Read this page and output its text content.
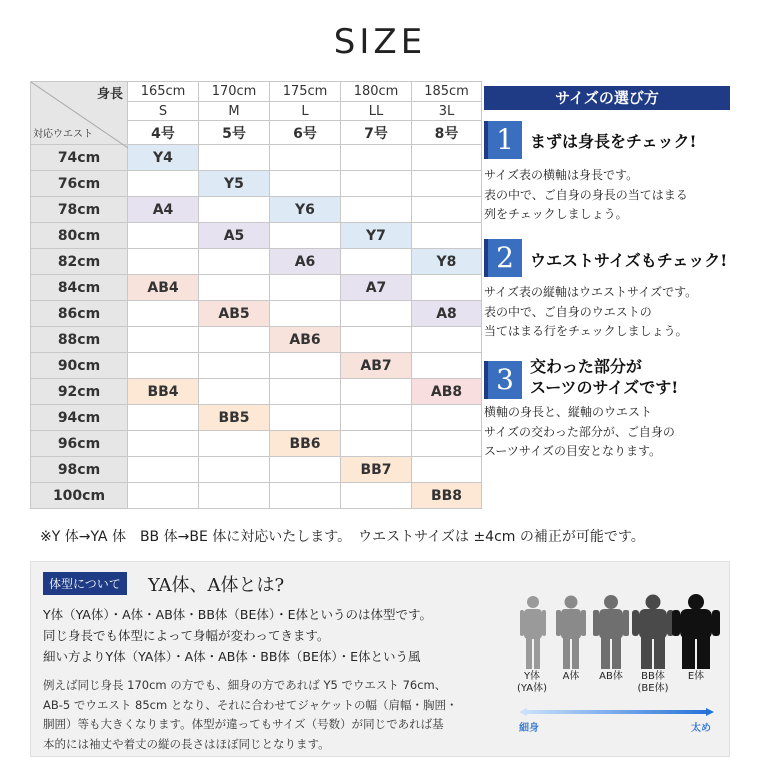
SIZE
身長
対応ウエスト	165cm	170cm	175cm	180cm	185cm
	S	M	L	LL	3L
	4号	5号	6号	7号	8号
74cm	Y4				
76cm		Y5			
78cm	A4		Y6		
80cm		A5		Y7	
82cm			A6		Y8
84cm	AB4			A7	
86cm		AB5			A8
88cm			AB6		
90cm				AB7	
92cm	BB4				AB8
94cm		BB5			
96cm			BB6		
98cm				BB7	
100cm					BB8
サイズの選び方
1	まずは身長をチェック!
サイズ表の横軸は身長です。
表の中で、ご自身の身長の当てはまる
列をチェックしましょう。
2	ウエストサイズもチェック!
サイズ表の縦軸はウエストサイズです。
表の中で、ご自身のウエストの
当てはまる行をチェックしましょう。
3	交わった部分が
スーツのサイズです!
横軸の身長と、縦軸のウエスト
サイズの交わった部分が、ご自身の
スーツサイズの目安となります。
※Y 体→YA 体　BB 体→BE 体に対応いたします。　ウエストサイズは ±4cm の補正が可能です。
体型について	YA体、A体とは?
Y体（YA体）・A体・AB体・BB体（BE体）・E体というのは体型です。
同じ身長でも体型によって身幅が変わってきます。
細い方よりY体（YA体）・A体・AB体・BB体（BE体）・E体という風
例えば同じ身長 170cm の方でも、細身の方であれば Y5 でウエスト 76cm、
AB-5 でウエスト 85cm となり、それに合わせてジャケットの幅（肩幅・胸囲・
胴囲）等も大きくなります。体型が違ってもサイズ（号数）が同じであれば基
本的には袖丈や着丈の縦の長さはほぼ同じとなります。
Y体
(YA体)
A体	AB体	BB体
(BE体)
E体
細身	太め
